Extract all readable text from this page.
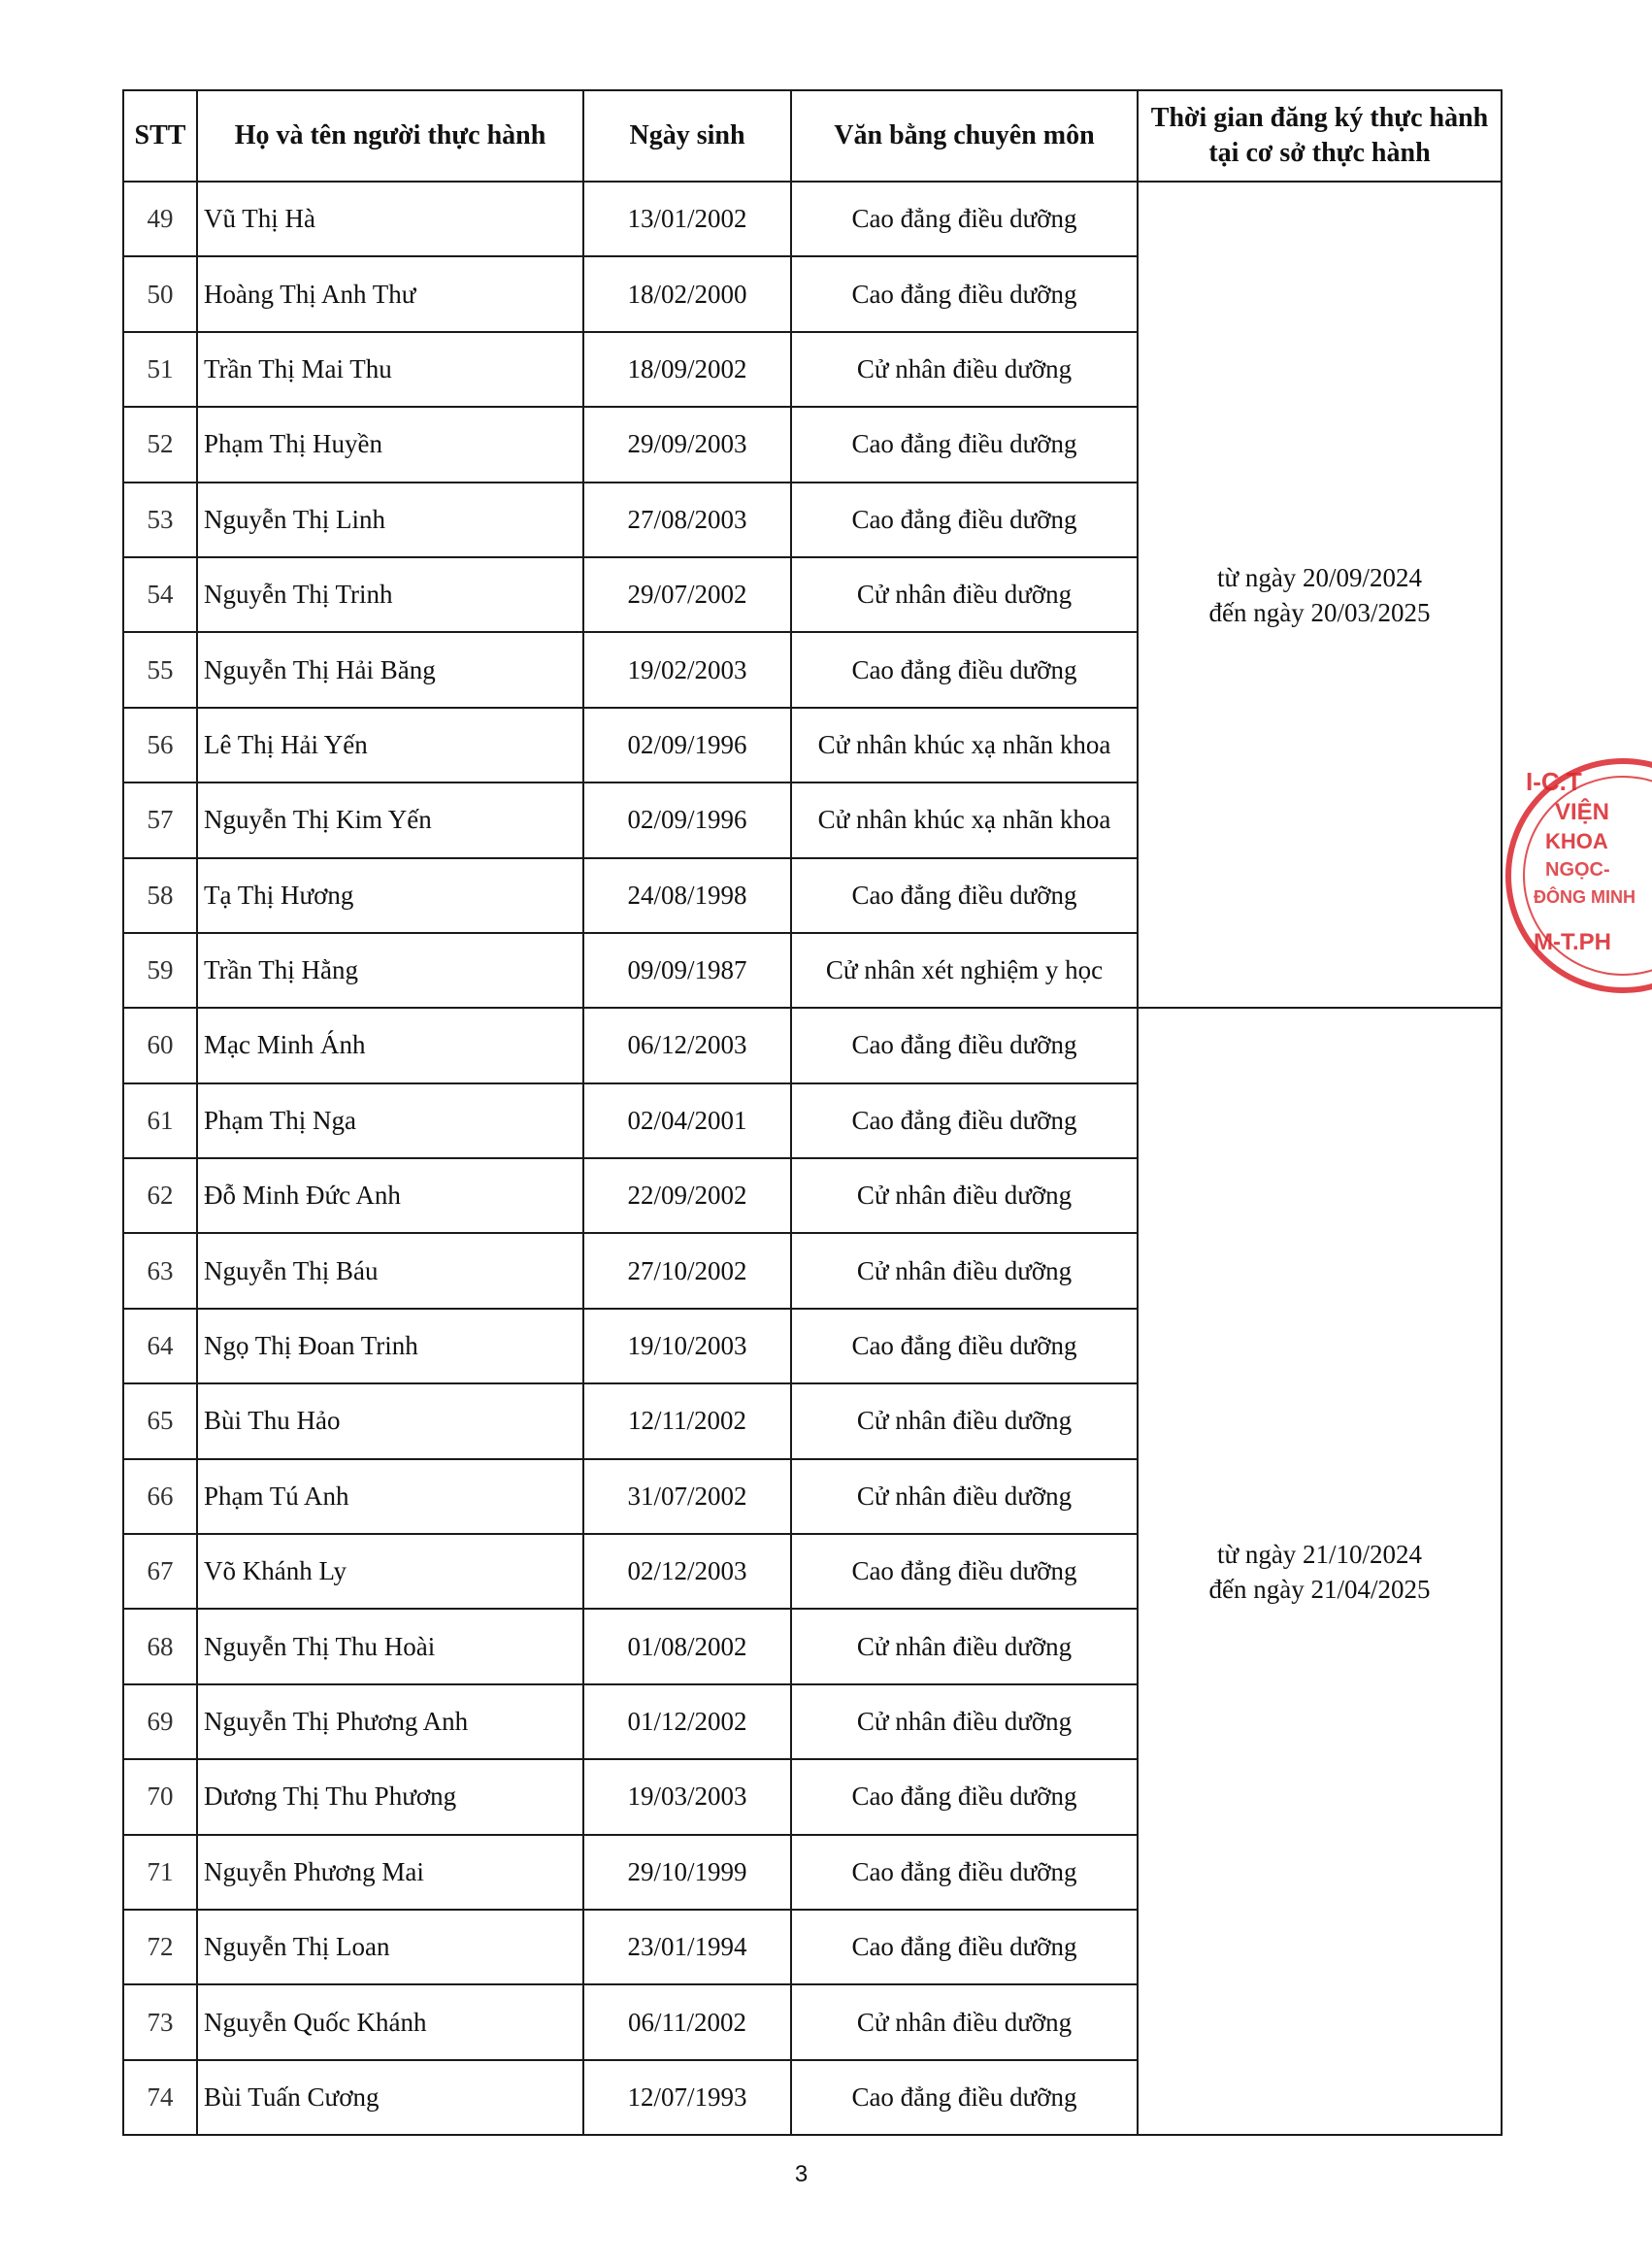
STT	Họ và tên người thực hành	Ngày sinh	Văn bằng chuyên môn	Thời gian đăng ký thực hành tại cơ sở thực hành
49	Vũ Thị Hà	13/01/2002	Cao đẳng điều dưỡng	từ ngày 20/09/2024
đến ngày 20/03/2025

50	Hoàng Thị Anh Thư	18/02/2000	Cao đẳng điều dưỡng	
51	Trần Thị Mai Thu	18/09/2002	Cử nhân điều dưỡng	
52	Phạm Thị Huyền	29/09/2003	Cao đẳng điều dưỡng	
53	Nguyễn Thị Linh	27/08/2003	Cao đẳng điều dưỡng	
54	Nguyễn Thị Trinh	29/07/2002	Cử nhân điều dưỡng	
55	Nguyễn Thị Hải Băng	19/02/2003	Cao đẳng điều dưỡng	
56	Lê Thị Hải Yến	02/09/1996	Cử nhân khúc xạ nhãn khoa	
57	Nguyễn Thị Kim Yến	02/09/1996	Cử nhân khúc xạ nhãn khoa	
58	Tạ Thị Hương	24/08/1998	Cao đẳng điều dưỡng	
59	Trần Thị Hằng	09/09/1987	Cử nhân xét nghiệm y học	
60	Mạc Minh Ánh	06/12/2003	Cao đẳng điều dưỡng	từ ngày 21/10/2024
đến ngày 21/04/2025

61	Phạm Thị Nga	02/04/2001	Cao đẳng điều dưỡng	
62	Đỗ Minh Đức Anh	22/09/2002	Cử nhân điều dưỡng	
63	Nguyễn Thị Báu	27/10/2002	Cử nhân điều dưỡng	
64	Ngọ Thị Đoan Trinh	19/10/2003	Cao đẳng điều dưỡng	
65	Bùi Thu Hảo	12/11/2002	Cử nhân điều dưỡng	
66	Phạm Tú Anh	31/07/2002	Cử nhân điều dưỡng	
67	Võ Khánh Ly	02/12/2003	Cao đẳng điều dưỡng	
68	Nguyễn Thị Thu Hoài	01/08/2002	Cử nhân điều dưỡng	
69	Nguyễn Thị Phương Anh	01/12/2002	Cử nhân điều dưỡng	
70	Dương Thị Thu Phương	19/03/2003	Cao đẳng điều dưỡng	
71	Nguyễn Phương Mai	29/10/1999	Cao đẳng điều dưỡng	
72	Nguyễn Thị Loan	23/01/1994	Cao đẳng điều dưỡng	
73	Nguyễn Quốc Khánh	06/11/2002	Cử nhân điều dưỡng	
74	Bùi Tuấn Cương	12/07/1993	Cao đẳng điều dưỡng	
I-C.T
VIỆN
KHOA
NGỌC-
ĐÔNG MINH
M-T.PH
3
